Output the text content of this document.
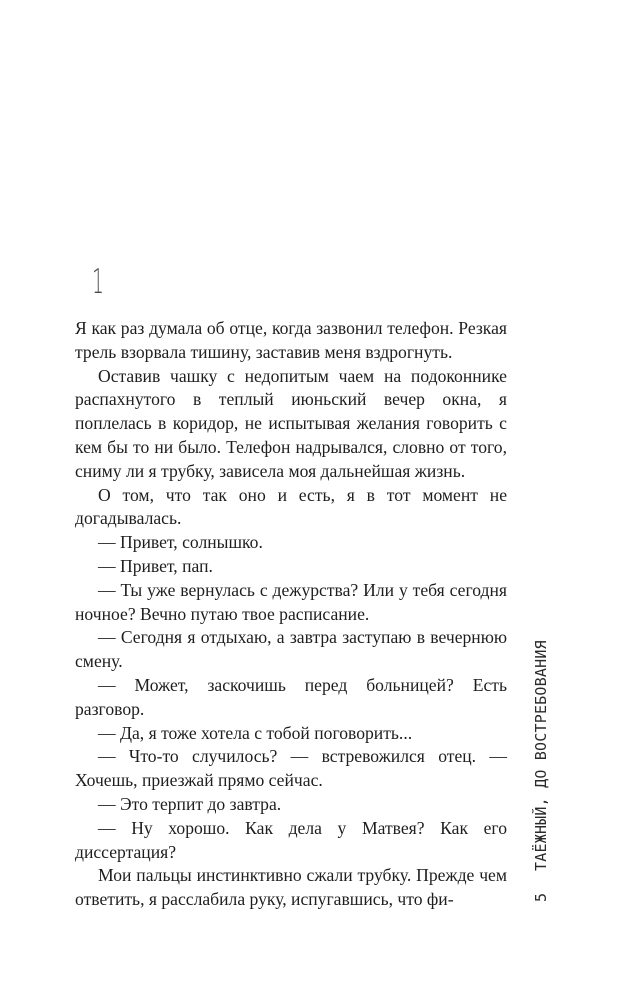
1

Я как раз думала об отце, когда зазвонил телефон. Резкая трель взорвала тишину, заставив меня вздрогнуть.

Оставив чашку с недопитым чаем на подоконнике распахнутого в теплый июньский вечер окна, я поплелась в коридор, не испытывая желания говорить с кем бы то ни было. Телефон надрывался, словно от того, сниму ли я трубку, зависела моя дальнейшая жизнь.

О том, что так оно и есть, я в тот момент не догадывалась.

— Привет, солнышко.

— Привет, пап.

— Ты уже вернулась с дежурства? Или у тебя сегодня ночное? Вечно путаю твое расписание.

— Сегодня я отдыхаю, а завтра заступаю в вечернюю смену.

— Может, заскочишь перед больницей? Есть разговор.

— Да, я тоже хотела с тобой поговорить...

— Что-то случилось? — встревожился отец. — Хочешь, приезжай прямо сейчас.

— Это терпит до завтра.

— Ну хорошо. Как дела у Матвея? Как его диссертация?

Мои пальцы инстинктивно сжали трубку. Прежде чем ответить, я расслабила руку, испугавшись, что фи-	5ТАЁЖНЫЙ, ДО ВОСТРЕБОВАНИЯ
